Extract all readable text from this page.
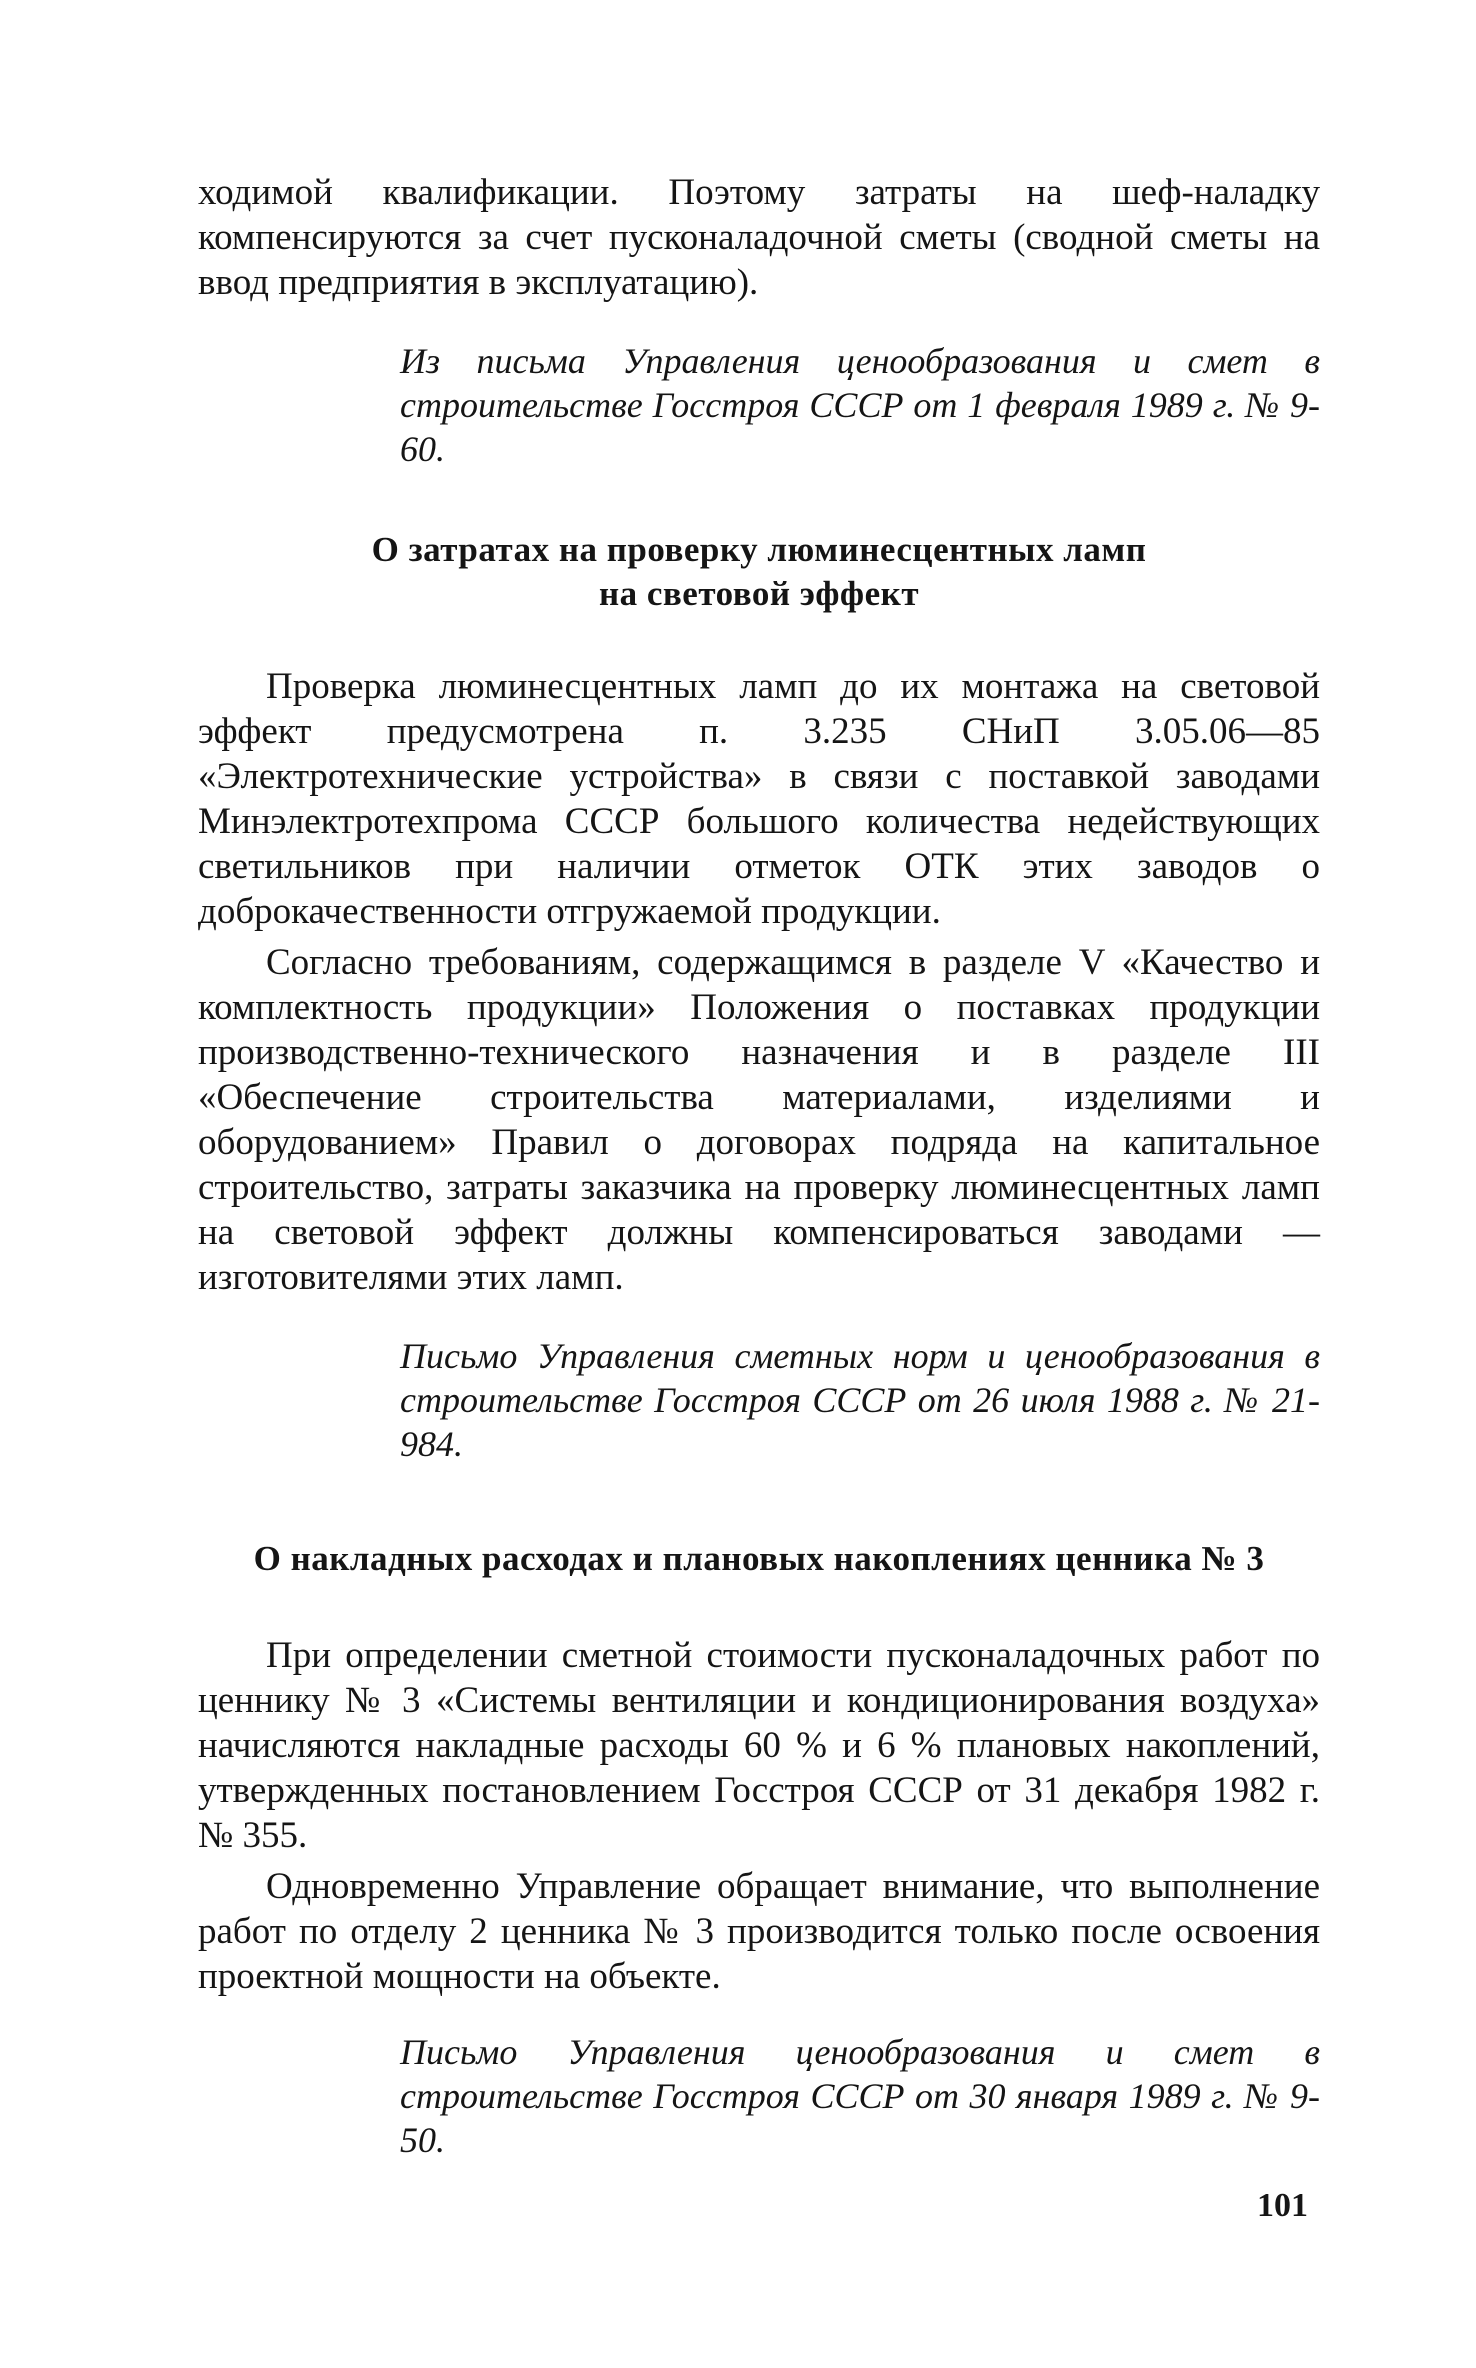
ходимой квалификации. Поэтому затраты на шеф-наладку компенсируются за счет пусконаладочной сметы (сводной сметы на ввод предприятия в эксплуатацию).

Из письма Управления ценообразования и смет в строительстве Госстроя СССР от 1 февраля 1989 г. № 9-60.

О затратах на проверку люминесцентных ламп
на световой эффект

Проверка люминесцентных ламп до их монтажа на световой эффект предусмотрена п. 3.235 СНиП 3.05.06—85 «Электротехнические устройства» в связи с поставкой заводами Минэлектротехпрома СССР большого количества недействующих светильников при наличии отметок ОТК этих заводов о доброкачественности отгружаемой продукции.

Согласно требованиям, содержащимся в разделе V «Качество и комплектность продукции» Положения о поставках продукции производственно-технического назначения и в разделе III «Обеспечение строительства материалами, изделиями и оборудованием» Правил о договорах подряда на капитальное строительство, затраты заказчика на проверку люминесцентных ламп на световой эффект должны компенсироваться заводами — изготовителями этих ламп.

Письмо Управления сметных норм и ценообразования в строительстве Госстроя СССР от 26 июля 1988 г. № 21-984.

О накладных расходах и плановых накоплениях ценника № 3

При определении сметной стоимости пусконаладочных работ по ценнику № 3 «Системы вентиляции и кондиционирования воздуха» начисляются накладные расходы 60 % и 6 % плановых накоплений, утвержденных постановлением Госстроя СССР от 31 декабря 1982 г. № 355.

Одновременно Управление обращает внимание, что выполнение работ по отделу 2 ценника № 3 производится только после освоения проектной мощности на объекте.

Письмо Управления ценообразования и смет в строительстве Госстроя СССР от 30 января 1989 г. № 9-50.

101
